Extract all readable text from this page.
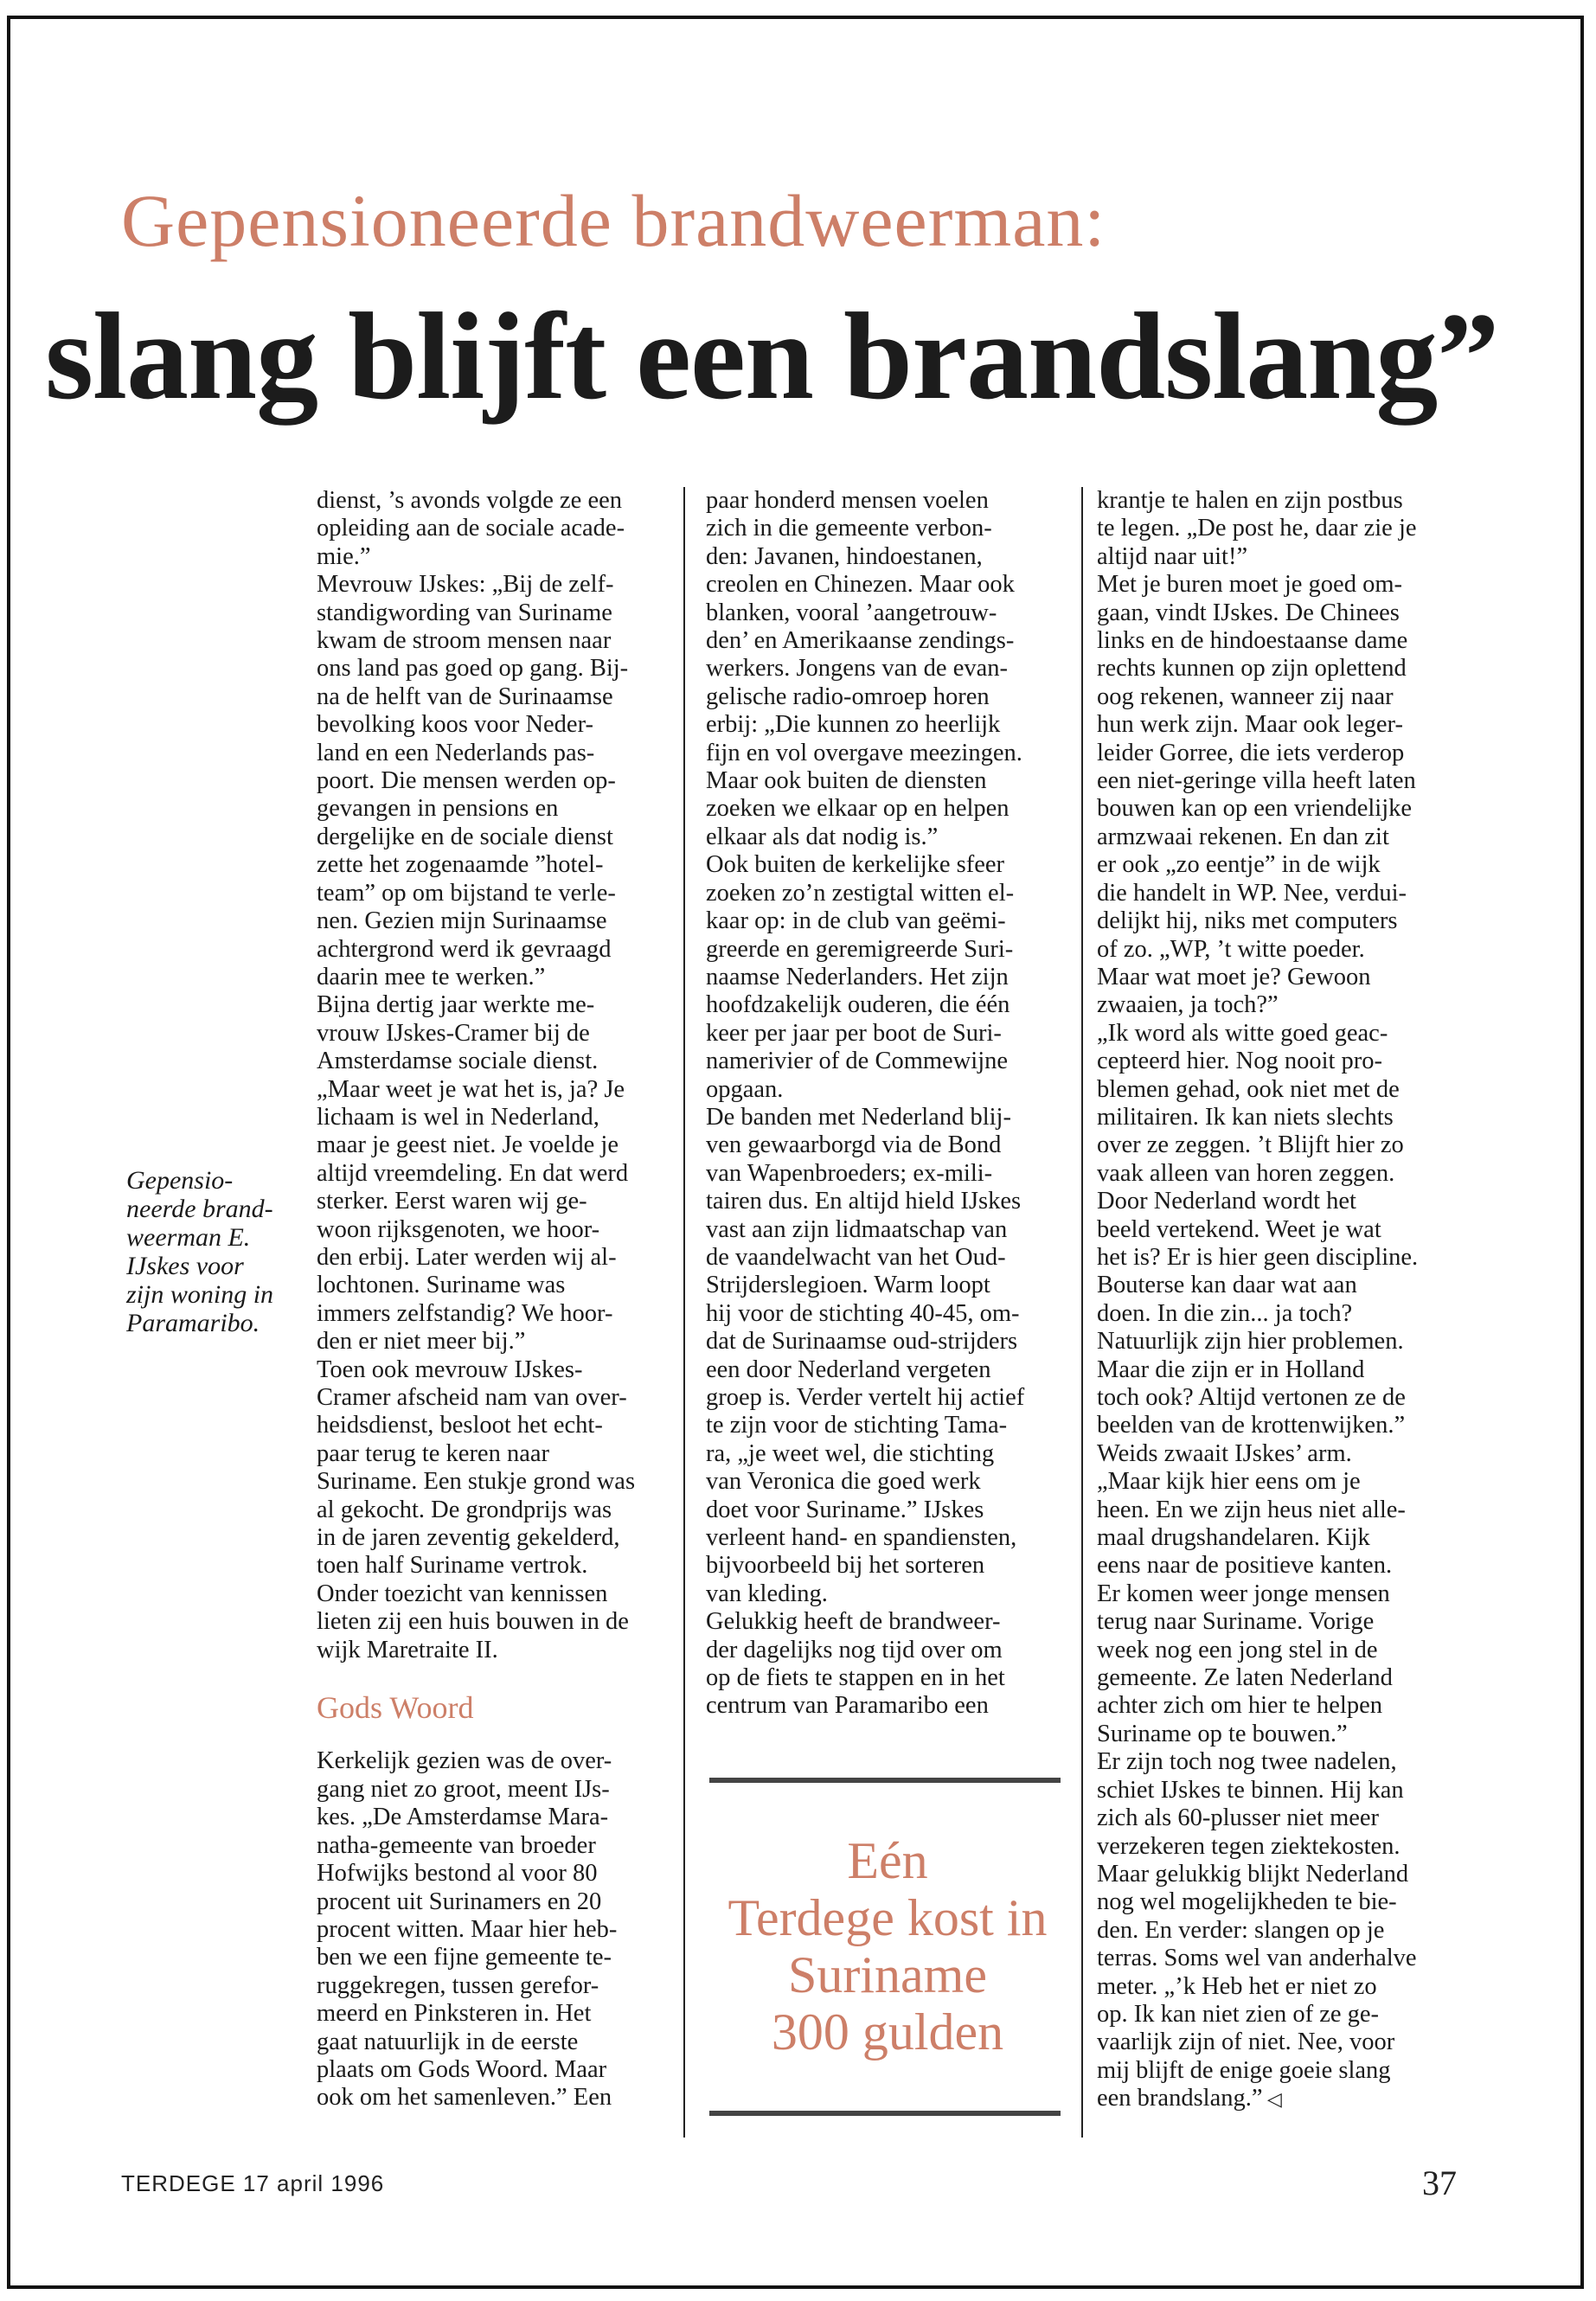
Gepensioneerde brandweerman:
slang blijft een brandslang”
Gepensio-
neerde brand-
weerman E.
IJskes voor
zijn woning in
Paramaribo.
dienst, ’s avonds volgde ze een
opleiding aan de sociale acade-
mie.”
Mevrouw IJskes: „Bij de zelf-
standigwording van Suriname
kwam de stroom mensen naar
ons land pas goed op gang. Bij-
na de helft van de Surinaamse
bevolking koos voor Neder-
land en een Nederlands pas-
poort. Die mensen werden op-
gevangen in pensions en
dergelijke en de sociale dienst
zette het zogenaamde ”hotel-
team” op om bijstand te verle-
nen. Gezien mijn Surinaamse
achtergrond werd ik gevraagd
daarin mee te werken.”
Bijna dertig jaar werkte me-
vrouw IJskes-Cramer bij de
Amsterdamse sociale dienst.
„Maar weet je wat het is, ja? Je
lichaam is wel in Nederland,
maar je geest niet. Je voelde je
altijd vreemdeling. En dat werd
sterker. Eerst waren wij ge-
woon rijksgenoten, we hoor-
den erbij. Later werden wij al-
lochtonen. Suriname was
immers zelfstandig? We hoor-
den er niet meer bij.”
Toen ook mevrouw IJskes-
Cramer afscheid nam van over-
heidsdienst, besloot het echt-
paar terug te keren naar
Suriname. Een stukje grond was
al gekocht. De grondprijs was
in de jaren zeventig gekelderd,
toen half Suriname vertrok.
Onder toezicht van kennissen
lieten zij een huis bouwen in de
wijk Maretraite II.
Gods Woord
Kerkelijk gezien was de over-
gang niet zo groot, meent IJs-
kes. „De Amsterdamse Mara-
natha-gemeente van broeder
Hofwijks bestond al voor 80
procent uit Surinamers en 20
procent witten. Maar hier heb-
ben we een fijne gemeente te-
ruggekregen, tussen gerefor-
meerd en Pinksteren in. Het
gaat natuurlijk in de eerste
plaats om Gods Woord. Maar
ook om het samenleven.” Een
paar honderd mensen voelen
zich in die gemeente verbon-
den: Javanen, hindoestanen,
creolen en Chinezen. Maar ook
blanken, vooral ’aangetrouw-
den’ en Amerikaanse zendings-
werkers. Jongens van de evan-
gelische radio-omroep horen
erbij: „Die kunnen zo heerlijk
fijn en vol overgave meezingen.
Maar ook buiten de diensten
zoeken we elkaar op en helpen
elkaar als dat nodig is.”
Ook buiten de kerkelijke sfeer
zoeken zo’n zestigtal witten el-
kaar op: in de club van geëmi-
greerde en geremigreerde Suri-
naamse Nederlanders. Het zijn
hoofdzakelijk ouderen, die één
keer per jaar per boot de Suri-
namerivier of de Commewijne
opgaan.
De banden met Nederland blij-
ven gewaarborgd via de Bond
van Wapenbroeders; ex-mili-
tairen dus. En altijd hield IJskes
vast aan zijn lidmaatschap van
de vaandelwacht van het Oud-
Strijderslegioen. Warm loopt
hij voor de stichting 40-45, om-
dat de Surinaamse oud-strijders
een door Nederland vergeten
groep is. Verder vertelt hij actief
te zijn voor de stichting Tama-
ra, „je weet wel, die stichting
van Veronica die goed werk
doet voor Suriname.” IJskes
verleent hand- en spandiensten,
bijvoorbeeld bij het sorteren
van kleding.
Gelukkig heeft de brandweer-
der dagelijks nog tijd over om
op de fiets te stappen en in het
centrum van Paramaribo een
Eén
Terdege kost in
Suriname
300 gulden
krantje te halen en zijn postbus
te legen. „De post he, daar zie je
altijd naar uit!”
Met je buren moet je goed om-
gaan, vindt IJskes. De Chinees
links en de hindoestaanse dame
rechts kunnen op zijn oplettend
oog rekenen, wanneer zij naar
hun werk zijn. Maar ook leger-
leider Gorree, die iets verderop
een niet-geringe villa heeft laten
bouwen kan op een vriendelijke
armzwaai rekenen. En dan zit
er ook „zo eentje” in de wijk
die handelt in WP. Nee, verdui-
delijkt hij, niks met computers
of zo. „WP, ’t witte poeder.
Maar wat moet je? Gewoon
zwaaien, ja toch?”
„Ik word als witte goed geac-
cepteerd hier. Nog nooit pro-
blemen gehad, ook niet met de
militairen. Ik kan niets slechts
over ze zeggen. ’t Blijft hier zo
vaak alleen van horen zeggen.
Door Nederland wordt het
beeld vertekend. Weet je wat
het is? Er is hier geen discipline.
Bouterse kan daar wat aan
doen. In die zin... ja toch?
Natuurlijk zijn hier problemen.
Maar die zijn er in Holland
toch ook? Altijd vertonen ze de
beelden van de krottenwijken.”
Weids zwaait IJskes’ arm.
„Maar kijk hier eens om je
heen. En we zijn heus niet alle-
maal drugshandelaren. Kijk
eens naar de positieve kanten.
Er komen weer jonge mensen
terug naar Suriname. Vorige
week nog een jong stel in de
gemeente. Ze laten Nederland
achter zich om hier te helpen
Suriname op te bouwen.”
Er zijn toch nog twee nadelen,
schiet IJskes te binnen. Hij kan
zich als 60-plusser niet meer
verzekeren tegen ziektekosten.
Maar gelukkig blijkt Nederland
nog wel mogelijkheden te bie-
den. En verder: slangen op je
terras. Soms wel van anderhalve
meter. „’k Heb het er niet zo
op. Ik kan niet zien of ze ge-
vaarlijk zijn of niet. Nee, voor
mij blijft de enige goeie slang
een brandslang.” ◁
TERDEGE 17 april 1996	37
